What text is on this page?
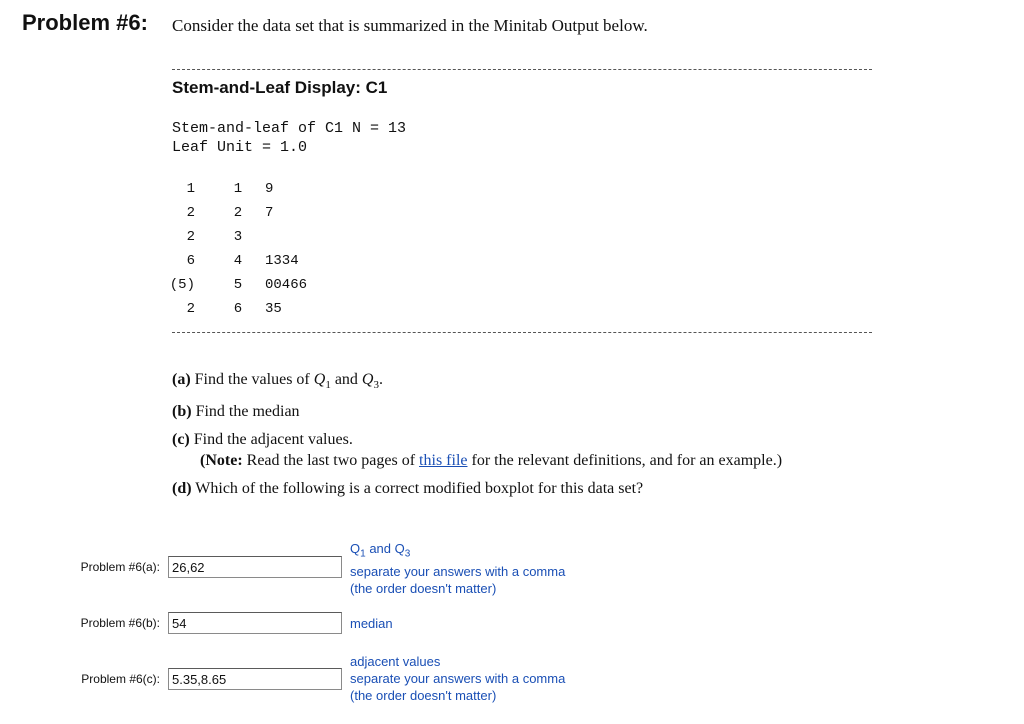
Problem #6: Consider the data set that is summarized in the Minitab Output below.
Stem-and-Leaf Display: C1
Stem-and-leaf of C1 N = 13
Leaf Unit = 1.0
1	1	9
2	2	7
2	3
6	4	1334
(5)	5	00466
2	6	35
(a) Find the values of $Q_1$ and $Q_3$.
(b) Find the median
(c) Find the adjacent values.
(Note: Read the last two pages of this file for the relevant definitions, and for an example.)
(d) Which of the following is a correct modified boxplot for this data set?
Problem #6(a):
26,62
$Q_1$ and $Q_3$
separate your answers with a comma
(the order doesn't matter)
Problem #6(b):
54	median
Problem #6(c):
5.35,8.65
adjacent values
separate your answers with a comma
(the order doesn't matter)
